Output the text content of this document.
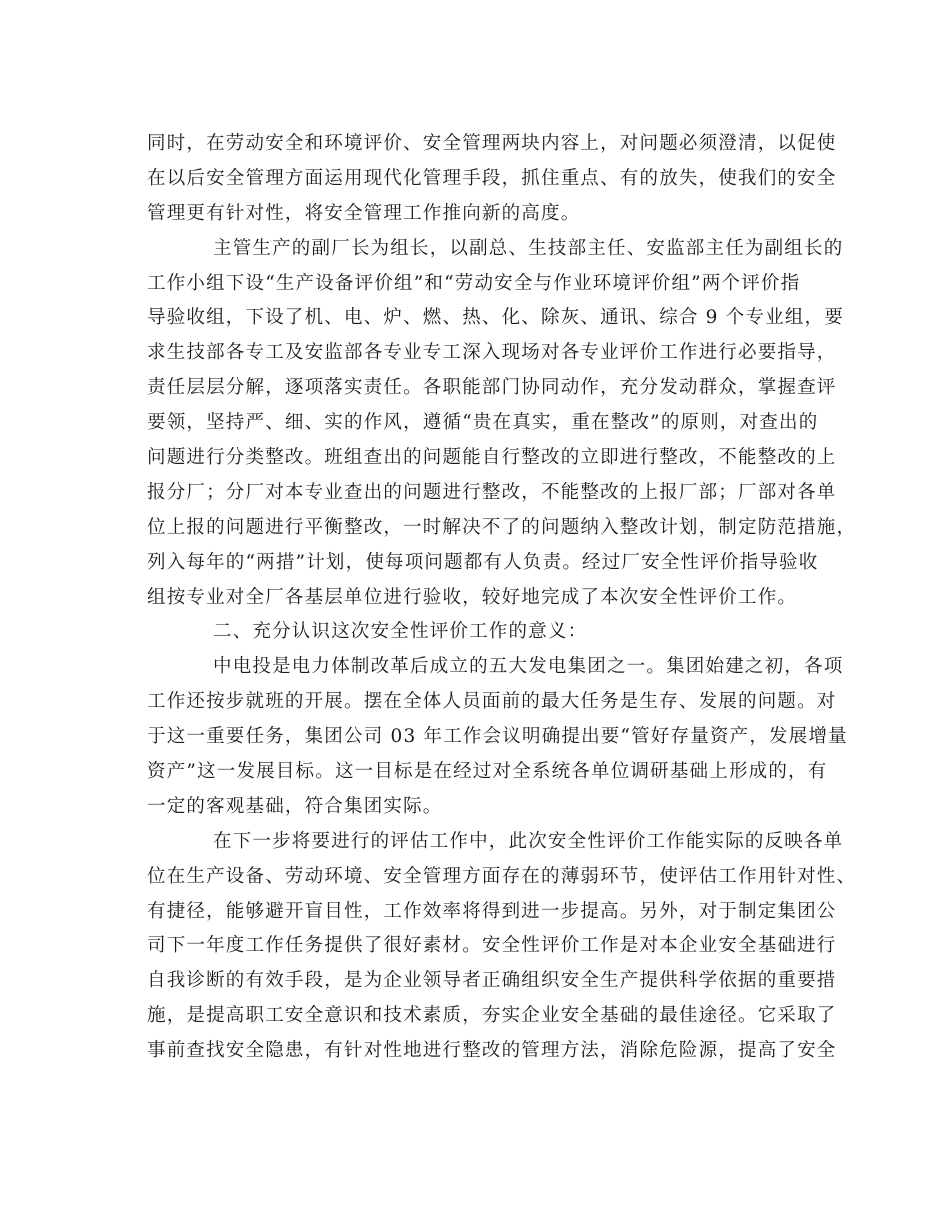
同时，在劳动安全和环境评价、安全管理两块内容上，对问题必须澄清，以促使
在以后安全管理方面运用现代化管理手段，抓住重点、有的放失，使我们的安全
管理更有针对性，将安全管理工作推向新的高度。
主管生产的副厂长为组长，以副总、生技部主任、安监部主任为副组长的
工作小组下设“生产设备评价组”和“劳动安全与作业环境评价组”两个评价指
导验收组，下设了机、电、炉、燃、热、化、除灰、通讯、综合 9 个专业组，要
求生技部各专工及安监部各专业专工深入现场对各专业评价工作进行必要指导，
责任层层分解，逐项落实责任。各职能部门协同动作，充分发动群众，掌握查评
要领，坚持严、细、实的作风，遵循“贵在真实，重在整改”的原则，对查出的
问题进行分类整改。班组查出的问题能自行整改的立即进行整改，不能整改的上
报分厂；分厂对本专业查出的问题进行整改，不能整改的上报厂部；厂部对各单
位上报的问题进行平衡整改，一时解决不了的问题纳入整改计划，制定防范措施，
列入每年的“两措”计划，使每项问题都有人负责。经过厂安全性评价指导验收
组按专业对全厂各基层单位进行验收，较好地完成了本次安全性评价工作。
二、充分认识这次安全性评价工作的意义：
中电投是电力体制改革后成立的五大发电集团之一。集团始建之初，各项
工作还按步就班的开展。摆在全体人员面前的最大任务是生存、发展的问题。对
于这一重要任务，集团公司 03 年工作会议明确提出要“管好存量资产，发展增量
资产”这一发展目标。这一目标是在经过对全系统各单位调研基础上形成的，有
一定的客观基础，符合集团实际。
在下一步将要进行的评估工作中，此次安全性评价工作能实际的反映各单
位在生产设备、劳动环境、安全管理方面存在的薄弱环节，使评估工作用针对性、
有捷径，能够避开盲目性，工作效率将得到进一步提高。另外，对于制定集团公
司下一年度工作任务提供了很好素材。安全性评价工作是对本企业安全基础进行
自我诊断的有效手段，是为企业领导者正确组织安全生产提供科学依据的重要措
施，是提高职工安全意识和技术素质，夯实企业安全基础的最佳途径。它采取了
事前查找安全隐患，有针对性地进行整改的管理方法，消除危险源，提高了安全
